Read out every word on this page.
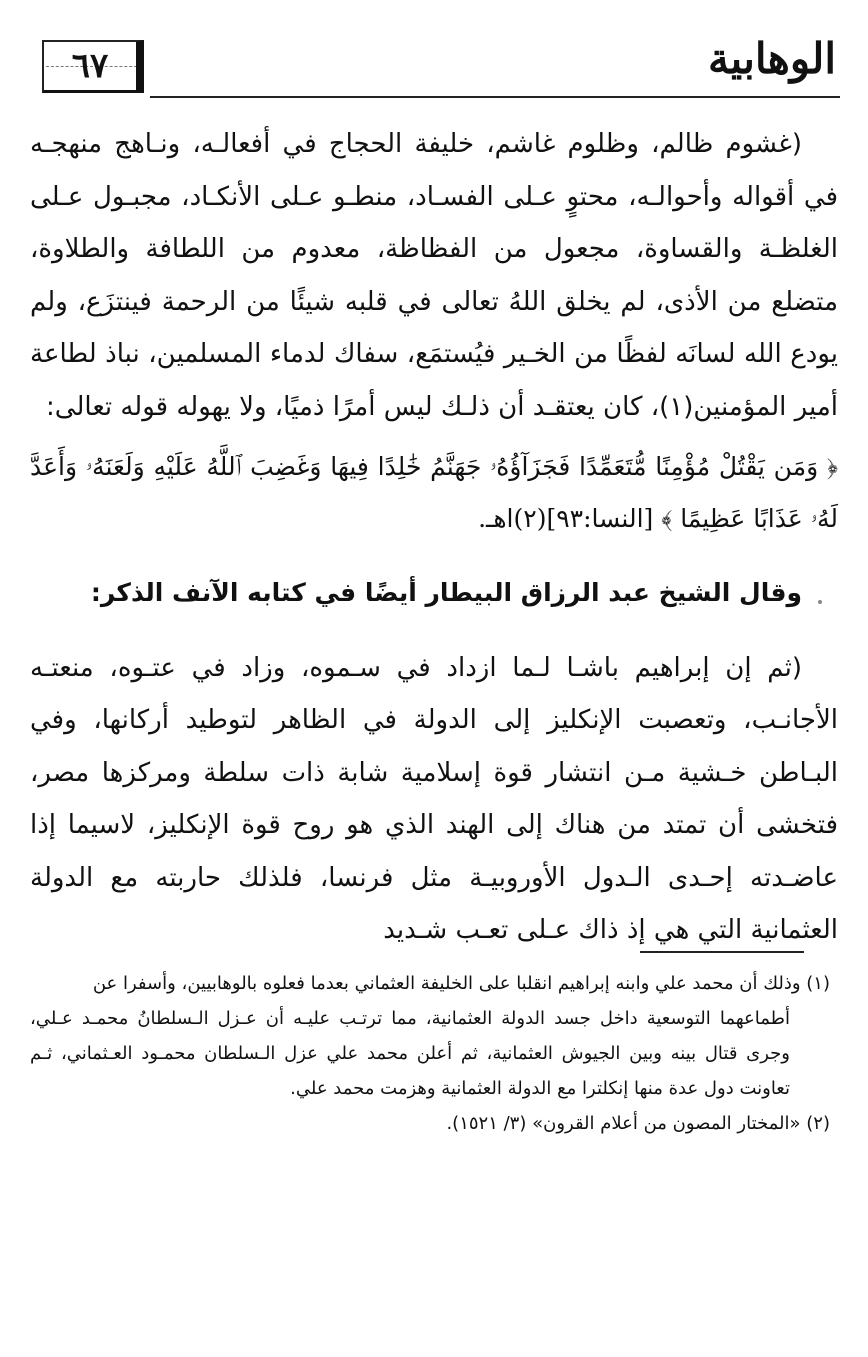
٦٧	الوهابية

(غشوم ظالم، وظلوم غاشم، خليفة الحجاج في أفعالـه، ونـاهج منهجـه في أقواله وأحوالـه، محتوٍ عـلى الفسـاد، منطـو عـلى الأنكـاد، مجبـول عـلى الغلظـة والقساوة، مجعول من الفظاظة، معدوم من اللطافة والطلاوة، متضلع من الأذى، لم يخلق اللهُ تعالى في قلبه شيئًا من الرحمة فينتزَع، ولم يودع الله لسانَه لفظًا من الخـير فيُستمَع، سفاك لدماء المسلمين، نباذ لطاعة أمير المؤمنين(١)، كان يعتقـد أن ذلـك ليس أمرًا ذميًا، ولا يهوله قوله تعالى:

﴿ وَمَن يَقْتُلْ مُؤْمِنًا مُّتَعَمِّدًا فَجَزَآؤُهُۥ جَهَنَّمُ خَٰلِدًا فِيهَا وَغَضِبَ ٱللَّهُ عَلَيْهِ وَلَعَنَهُۥ وَأَعَدَّ لَهُۥ عَذَابًا عَظِيمًا ﴾ [النسا:٩٣](٢)اهـ.

وقال الشيخ عبد الرزاق البيطار أيضًا في كتابه الآنف الذكر:

(ثم إن إبراهيم باشـا لـما ازداد في سـموه، وزاد في عتـوه، منعتـه الأجانـب، وتعصبت الإنكليز إلى الدولة في الظاهر لتوطيد أركانها، وفي البـاطن خـشية مـن انتشار قوة إسلامية شابة ذات سلطة ومركزها مصر، فتخشى أن تمتد من هناك إلى الهند الذي هو روح قوة الإنكليز، لاسيما إذا عاضـدته إحـدى الـدول الأوروبيـة مثل فرنسا، فلذلك حاربته مع الدولة العثمانية التي هي إذ ذاك عـلى تعـب شـديد

(١) وذلك أن محمد علي وابنه إبراهيم انقلبا على الخليفة العثماني بعدما فعلوه بالوهابيين، وأسفرا عن

أطماعهما التوسعية داخل جسد الدولة العثمانية، مما ترتـب عليـه أن عـزل الـسلطانُ محمـد عـلي، وجرى قتال بينه وبين الجيوش العثمانية، ثم أعلن محمد علي عزل الـسلطان محمـود العـثماني، ثـم تعاونت دول عدة منها إنكلترا مع الدولة العثمانية وهزمت محمد علي.

(٢) «المختار المصون من أعلام القرون» (٣/ ١٥٢١).
